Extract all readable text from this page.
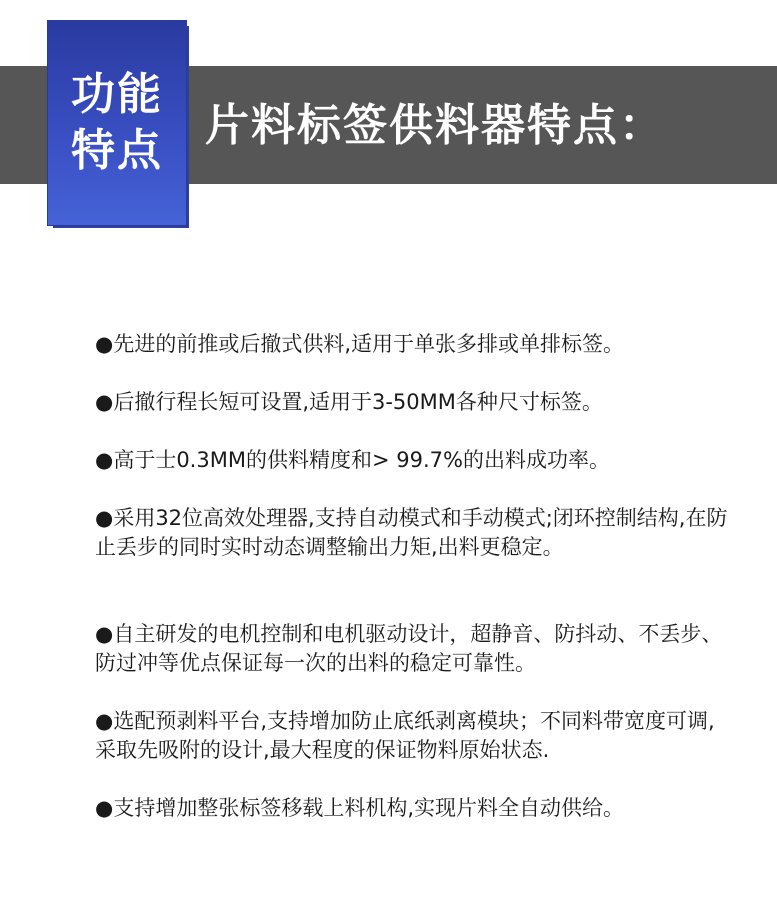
功能
特点 片料标签供料器特点：
●先进的前推或后撤式供料,适用于单张多排或单排标签。
●后撤行程长短可设置,适用于3-50MM各种尺寸标签。
●高于士0.3MM的供料精度和> 99.7%的出料成功率。
●采用32位高效处理器,支持自动模式和手动模式;闭环控制结构,在防止丢步的同时实时动态调整输出力矩,出料更稳定。
●自主研发的电机控制和电机驱动设计，超静音、防抖动、不丢步、防过冲等优点保证每一次的出料的稳定可靠性。
●选配预剥料平台,支持增加防止底纸剥离模块；不同料带宽度可调,采取先吸附的设计,最大程度的保证物料原始状态.
●支持增加整张标签移载上料机构,实现片料全自动供给。
